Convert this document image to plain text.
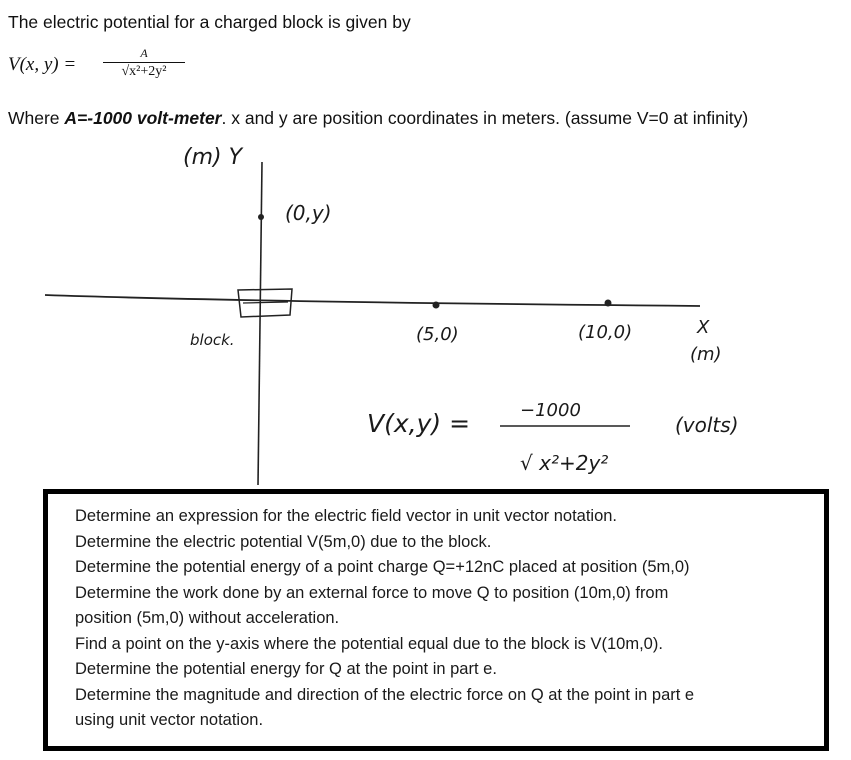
The electric potential for a charged block is given by
V(x, y) =
A
√x²+2y²
Where A=-1000 volt-meter. x and y are position coordinates in meters. (assume V=0 at infinity)
(m) Y
(0,y)
block.	(5,0)	(10,0)	X
(m)
V(x,y) =	−1000
√ x²+2y²
(volts)
Determine an expression for the electric field vector in unit vector notation.
Determine the electric potential V(5m,0) due to the block.
Determine the potential energy of a point charge Q=+12nC placed at position (5m,0)
Determine the work done by an external force to move Q to position (10m,0) from
position (5m,0) without acceleration.
Find a point on the y-axis where the potential equal due to the block is V(10m,0).
Determine the potential energy for Q at the point in part e.
Determine the magnitude and direction of the electric force on Q at the point in part e
using unit vector notation.
